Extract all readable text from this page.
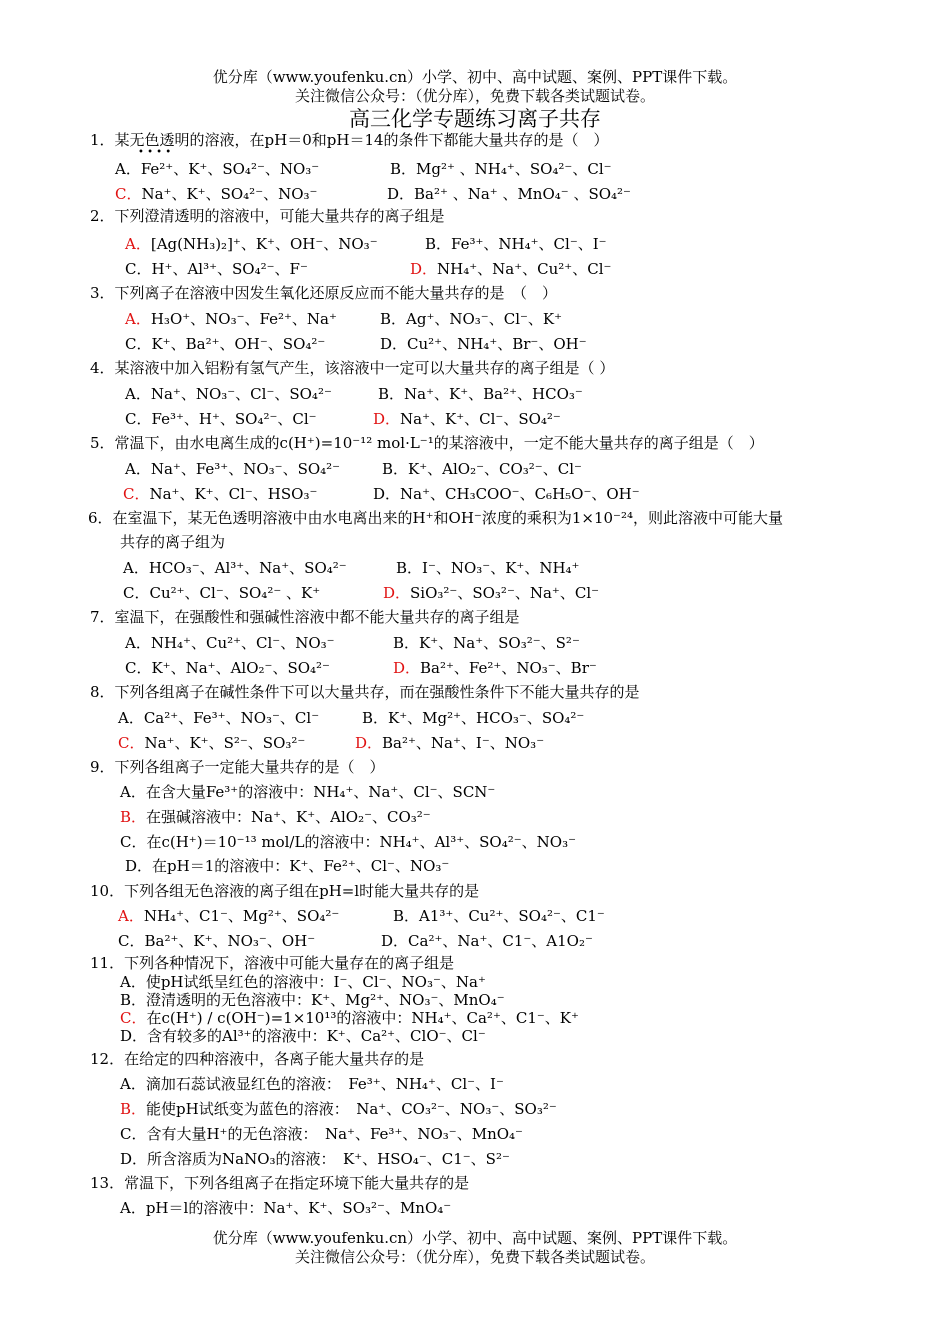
优分库（www.youfenku.cn）小学、初中、高中试题、案例、PPT课件下载。
关注微信公众号：（优分库），免费下载各类试题试卷。
高三化学专题练习离子共存
1．某无色透明的溶液，在pH＝0和pH＝14的条件下都能大量共存的是（　）
• • • •
A．Fe²⁺、K⁺、SO₄²⁻、NO₃⁻	B．Mg²⁺ 、NH₄⁺、SO₄²⁻、Cl⁻
C．Na⁺、K⁺、SO₄²⁻、NO₃⁻	D．Ba²⁺ 、Na⁺ 、MnO₄⁻ 、SO₄²⁻
2．下列澄清透明的溶液中，可能大量共存的离子组是
A．[Ag(NH₃)₂]⁺、K⁺、OH⁻、NO₃⁻	B．Fe³⁺、NH₄⁺、Cl⁻、I⁻
C．H⁺、Al³⁺、SO₄²⁻、F⁻	D．NH₄⁺、Na⁺、Cu²⁺、Cl⁻
3．下列离子在溶液中因发生氧化还原反应而不能大量共存的是　（　）
A．H₃O⁺、NO₃⁻、Fe²⁺、Na⁺	B．Ag⁺、NO₃⁻、Cl⁻、K⁺
C．K⁺、Ba²⁺、OH⁻、SO₄²⁻	D．Cu²⁺、NH₄⁺、Br⁻、OH⁻
4．某溶液中加入铝粉有氢气产生，该溶液中一定可以大量共存的离子组是（ ）
A．Na⁺、NO₃⁻、Cl⁻、SO₄²⁻	B．Na⁺、K⁺、Ba²⁺、HCO₃⁻
C．Fe³⁺、H⁺、SO₄²⁻、Cl⁻	D．Na⁺、K⁺、Cl⁻、SO₄²⁻
5．常温下，由水电离生成的c(H⁺)=10⁻¹² mol·L⁻¹的某溶液中，一定不能大量共存的离子组是（　）
A．Na⁺、Fe³⁺、NO₃⁻、SO₄²⁻	B．K⁺、AlO₂⁻、CO₃²⁻、Cl⁻
C．Na⁺、K⁺、Cl⁻、HSO₃⁻	D．Na⁺、CH₃COO⁻、C₆H₅O⁻、OH⁻
6．在室温下，某无色透明溶液中由水电离出来的H⁺和OH⁻浓度的乘积为1×10⁻²⁴，则此溶液中可能大量
共存的离子组为
A．HCO₃⁻、Al³⁺、Na⁺、SO₄²⁻	B．I⁻、NO₃⁻、K⁺、NH₄⁺
C．Cu²⁺、Cl⁻、SO₄²⁻ 、K⁺	D．SiO₃²⁻、SO₃²⁻、Na⁺、Cl⁻
7．室温下，在强酸性和强碱性溶液中都不能大量共存的离子组是
A．NH₄⁺、Cu²⁺、Cl⁻、NO₃⁻	B．K⁺、Na⁺、SO₃²⁻、S²⁻
C．K⁺、Na⁺、AlO₂⁻、SO₄²⁻	D．Ba²⁺、Fe²⁺、NO₃⁻、Br⁻
8．下列各组离子在碱性条件下可以大量共存，而在强酸性条件下不能大量共存的是
A．Ca²⁺、Fe³⁺、NO₃⁻、Cl⁻	B．K⁺、Mg²⁺、HCO₃⁻、SO₄²⁻
C．Na⁺、K⁺、S²⁻、SO₃²⁻	D．Ba²⁺、Na⁺、I⁻、NO₃⁻
9．下列各组离子一定能大量共存的是（　）
A．在含大量Fe³⁺的溶液中：NH₄⁺、Na⁺、Cl⁻、SCN⁻
B．在强碱溶液中：Na⁺、K⁺、AlO₂⁻、CO₃²⁻
C．在c(H⁺)＝10⁻¹³ mol/L的溶液中：NH₄⁺、Al³⁺、SO₄²⁻、NO₃⁻
D．在pH＝1的溶液中：K⁺、Fe²⁺、Cl⁻、NO₃⁻
10．下列各组无色溶液的离子组在pH=l时能大量共存的是
A．NH₄⁺、C1⁻、Mg²⁺、SO₄²⁻	B．A1³⁺、Cu²⁺、SO₄²⁻、C1⁻
C．Ba²⁺、K⁺、NO₃⁻、OH⁻	D．Ca²⁺、Na⁺、C1⁻、A1O₂⁻
11．下列各种情况下，溶液中可能大量存在的离子组是
A．使pH试纸呈红色的溶液中：I⁻、Cl⁻、NO₃⁻、Na⁺
B．澄清透明的无色溶液中：K⁺、Mg²⁺、NO₃⁻、MnO₄⁻
C．在c(H⁺) / c(OH⁻)=1×10¹³的溶液中：NH₄⁺、Ca²⁺、C1⁻、K⁺
D．含有较多的Al³⁺的溶液中：K⁺、Ca²⁺、ClO⁻、Cl⁻
12．在给定的四种溶液中，各离子能大量共存的是
A．滴加石蕊试液显红色的溶液：　Fe³⁺、NH₄⁺、Cl⁻、I⁻
B．能使pH试纸变为蓝色的溶液：　Na⁺、CO₃²⁻、NO₃⁻、SO₃²⁻
C．含有大量H⁺的无色溶液：　Na⁺、Fe³⁺、NO₃⁻、MnO₄⁻
D．所含溶质为NaNO₃的溶液：　K⁺、HSO₄⁻、C1⁻、S²⁻
13．常温下，下列各组离子在指定环境下能大量共存的是
A．pH＝l的溶液中：Na⁺、K⁺、SO₃²⁻、MnO₄⁻
优分库（www.youfenku.cn）小学、初中、高中试题、案例、PPT课件下载。
关注微信公众号：（优分库），免费下载各类试题试卷。
